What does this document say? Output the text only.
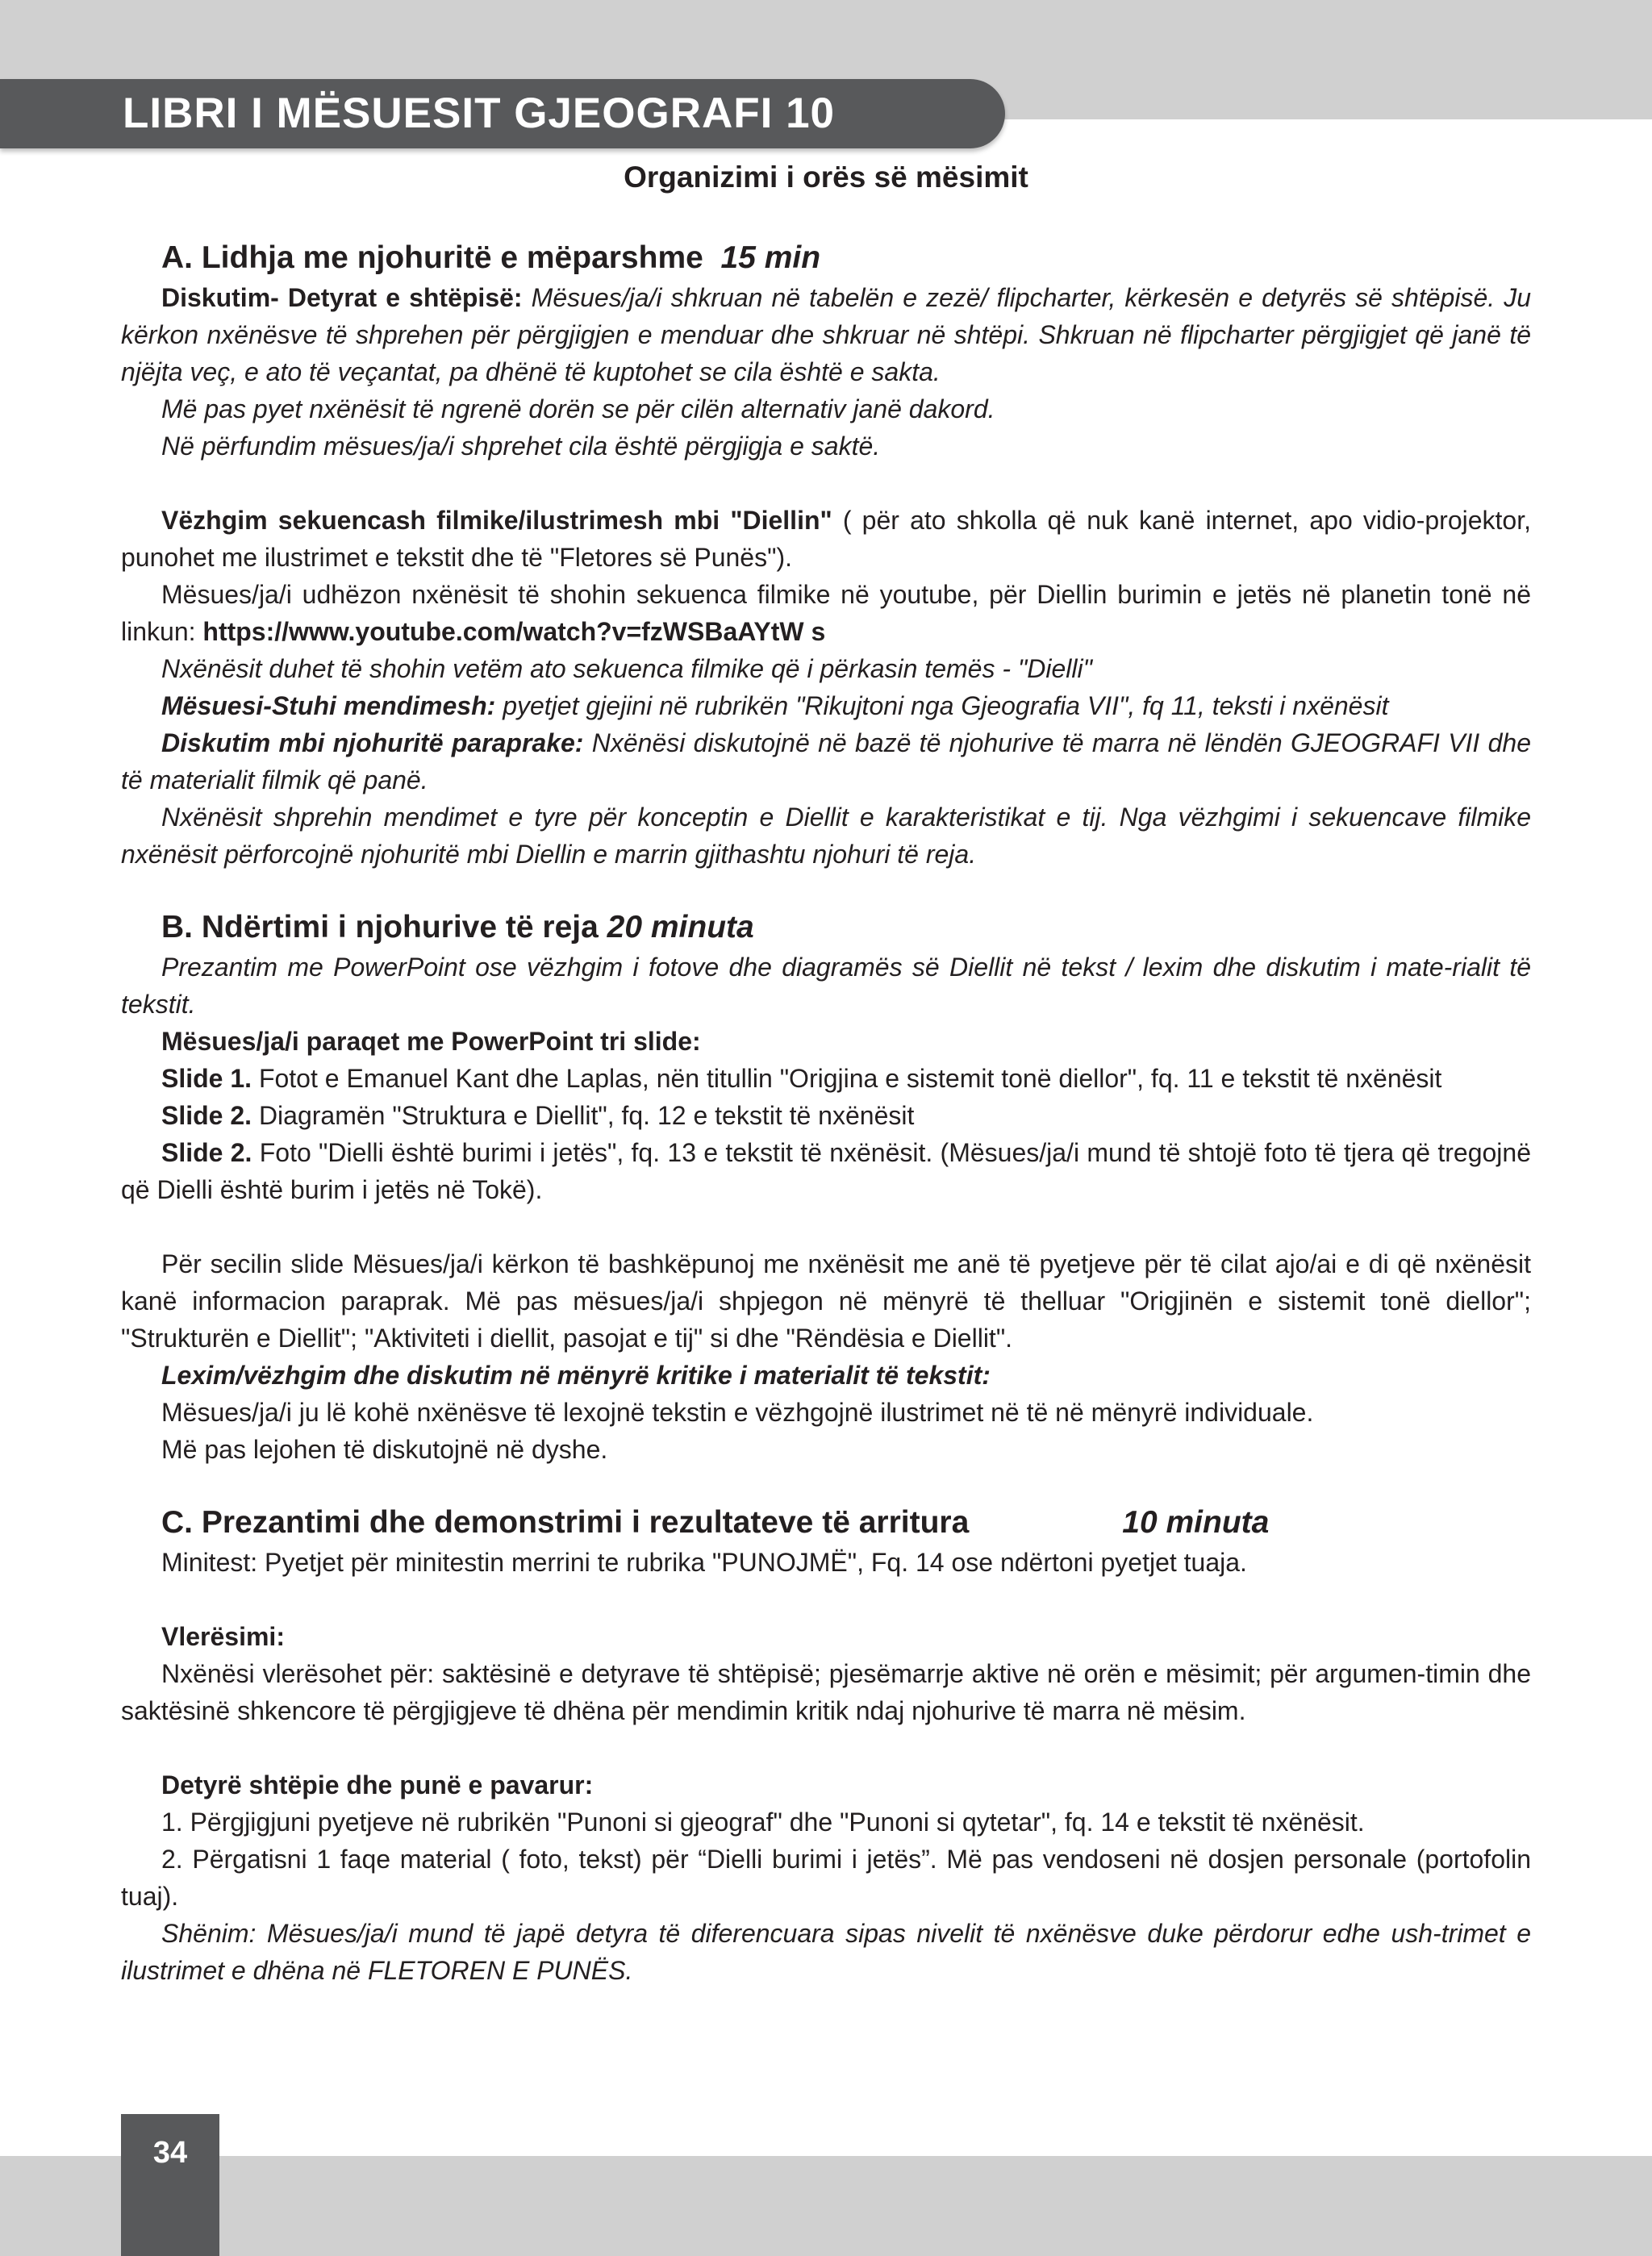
LIBRI I MËSUESIT GJEOGRAFI 10

Organizimi i orës së mësimit

A. Lidhja me njohuritë e mëparshme 15 min

Diskutim- Detyrat e shtëpisë: Mësues/ja/i shkruan në tabelën e zezë/ flipcharter, kërkesën e detyrës së shtëpisë. Ju kërkon nxënësve të shprehen për përgjigjen e menduar dhe shkruar në shtëpi. Shkruan në flipcharter përgjigjet që janë të njëjta veç, e ato të veçantat, pa dhënë të kuptohet se cila është e sakta.

Më pas pyet nxënësit të ngrenë dorën se për cilën alternativ janë dakord.

Në përfundim mësues/ja/i shprehet cila është përgjigja e saktë.

Vëzhgim sekuencash filmike/ilustrimesh mbi "Diellin" ( për ato shkolla që nuk kanë internet, apo vidio-projektor, punohet me ilustrimet e tekstit dhe të "Fletores së Punës").

Mësues/ja/i udhëzon nxënësit të shohin sekuenca filmike në youtube, për Diellin burimin e jetës në planetin tonë në linkun: https://www.youtube.com/watch?v=fzWSBaAYtW s

Nxënësit duhet të shohin vetëm ato sekuenca filmike që i përkasin temës - "Dielli"

Mësuesi-Stuhi mendimesh: pyetjet gjejini në rubrikën "Rikujtoni nga Gjeografia VII", fq 11, teksti i nxënësit

Diskutim mbi njohuritë paraprake: Nxënësi diskutojnë në bazë të njohurive të marra në lëndën GJEOGRAFI VII dhe të materialit filmik që panë.

Nxënësit shprehin mendimet e tyre për konceptin e Diellit e karakteristikat e tij. Nga vëzhgimi i sekuencave filmike nxënësit përforcojnë njohuritë mbi Diellin e marrin gjithashtu njohuri të reja.

B. Ndërtimi i njohurive të reja 20 minuta

Prezantim me PowerPoint ose vëzhgim i fotove dhe diagramës së Diellit në tekst / lexim dhe diskutim i mate-rialit të tekstit.

Mësues/ja/i paraqet me PowerPoint tri slide:

Slide 1. Fotot e Emanuel Kant dhe Laplas, nën titullin "Origjina e sistemit tonë diellor", fq. 11 e tekstit të nxënësit

Slide 2. Diagramën "Struktura e Diellit", fq. 12 e tekstit të nxënësit

Slide 2. Foto "Dielli është burimi i jetës", fq. 13 e tekstit të nxënësit. (Mësues/ja/i mund të shtojë foto të tjera që tregojnë që Dielli është burim i jetës në Tokë).

Për secilin slide Mësues/ja/i kërkon të bashkëpunoj me nxënësit me anë të pyetjeve për të cilat ajo/ai e di që nxënësit kanë informacion paraprak. Më pas mësues/ja/i shpjegon në mënyrë të thelluar "Origjinën e sistemit tonë diellor"; "Strukturën e Diellit"; "Aktiviteti i diellit, pasojat e tij" si dhe "Rëndësia e Diellit".

Lexim/vëzhgim dhe diskutim në mënyrë kritike i materialit të tekstit:

Mësues/ja/i ju lë kohë nxënësve të lexojnë tekstin e vëzhgojnë ilustrimet në të në mënyrë individuale.

Më pas lejohen të diskutojnë në dyshe.

C. Prezantimi dhe demonstrimi i rezultateve të arritura	10 minuta

Minitest: Pyetjet për minitestin merrini te rubrika "PUNOJMË", Fq. 14 ose ndërtoni pyetjet tuaja.

Vlerësimi:

Nxënësi vlerësohet për: saktësinë e detyrave të shtëpisë; pjesëmarrje aktive në orën e mësimit; për argumen-timin dhe saktësinë shkencore të përgjigjeve të dhëna për mendimin kritik ndaj njohurive të marra në mësim.

Detyrë shtëpie dhe punë e pavarur:

1. Përgjigjuni pyetjeve në rubrikën "Punoni si gjeograf" dhe "Punoni si qytetar", fq. 14 e tekstit të nxënësit.

2. Përgatisni 1 faqe material ( foto, tekst) për “Dielli burimi i jetës”. Më pas vendoseni në dosjen personale (portofolin tuaj).

Shënim: Mësues/ja/i mund të japë detyra të diferencuara sipas nivelit të nxënësve duke përdorur edhe ush-trimet e ilustrimet e dhëna në FLETOREN E PUNËS.

34
